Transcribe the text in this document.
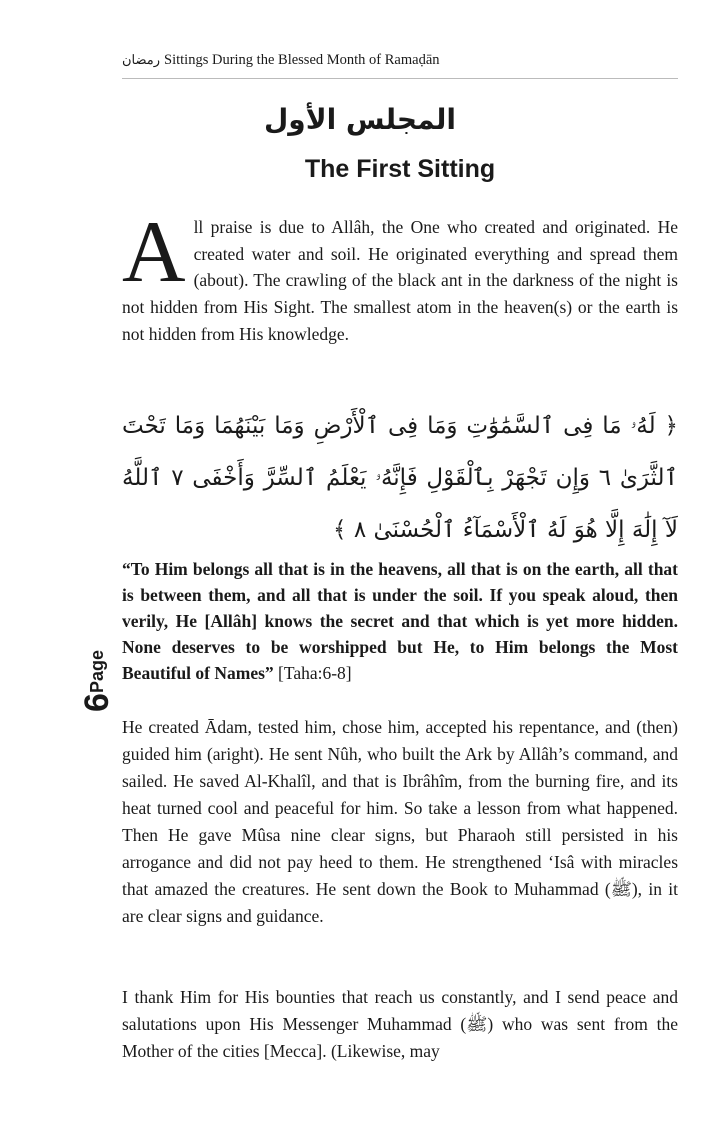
رمضان Sittings During the Blessed Month of Ramaḍān
المجلس الأول
The First Sitting
All praise is due to Allâh, the One who created and originated. He created water and soil. He originated everything and spread them (about). The crawling of the black ant in the darkness of the night is not hidden from His Sight. The smallest atom in the heaven(s) or the earth is not hidden from His knowledge.
﴿ لَهُۥ مَا فِى ٱلسَّمَٰوَٰتِ وَمَا فِى ٱلْأَرْضِ وَمَا بَيْنَهُمَا وَمَا تَحْتَ ٱلثَّرَىٰ ٦ وَإِن تَجْهَرْ بِٱلْقَوْلِ فَإِنَّهُۥ يَعْلَمُ ٱلسِّرَّ وَأَخْفَى ٧ ٱللَّهُ لَآ إِلَٰهَ إِلَّا هُوَ لَهُ ٱلْأَسْمَآءُ ٱلْحُسْنَىٰ ٨ ﴾
“To Him belongs all that is in the heavens, all that is on the earth, all that is between them, and all that is under the soil. If you speak aloud, then verily, He [Allâh] knows the secret and that which is yet more hidden. None deserves to be worshipped but He, to Him belongs the Most Beautiful of Names” [Taha:6-8]
He created Ādam, tested him, chose him, accepted his repentance, and (then) guided him (aright). He sent Nûh, who built the Ark by Allâh’s command, and sailed. He saved Al-Khalîl, and that is Ibrâhîm, from the burning fire, and its heat turned cool and peaceful for him. So take a lesson from what happened. Then He gave Mûsa nine clear signs, but Pharaoh still persisted in his arrogance and did not pay heed to them. He strengthened ‘Isâ with miracles that amazed the creatures. He sent down the Book to Muhammad (ﷺ), in it are clear signs and guidance.
I thank Him for His bounties that reach us constantly, and I send peace and salutations upon His Messenger Muhammad (ﷺ) who was sent from the Mother of the cities [Mecca]. (Likewise, may
6Page
